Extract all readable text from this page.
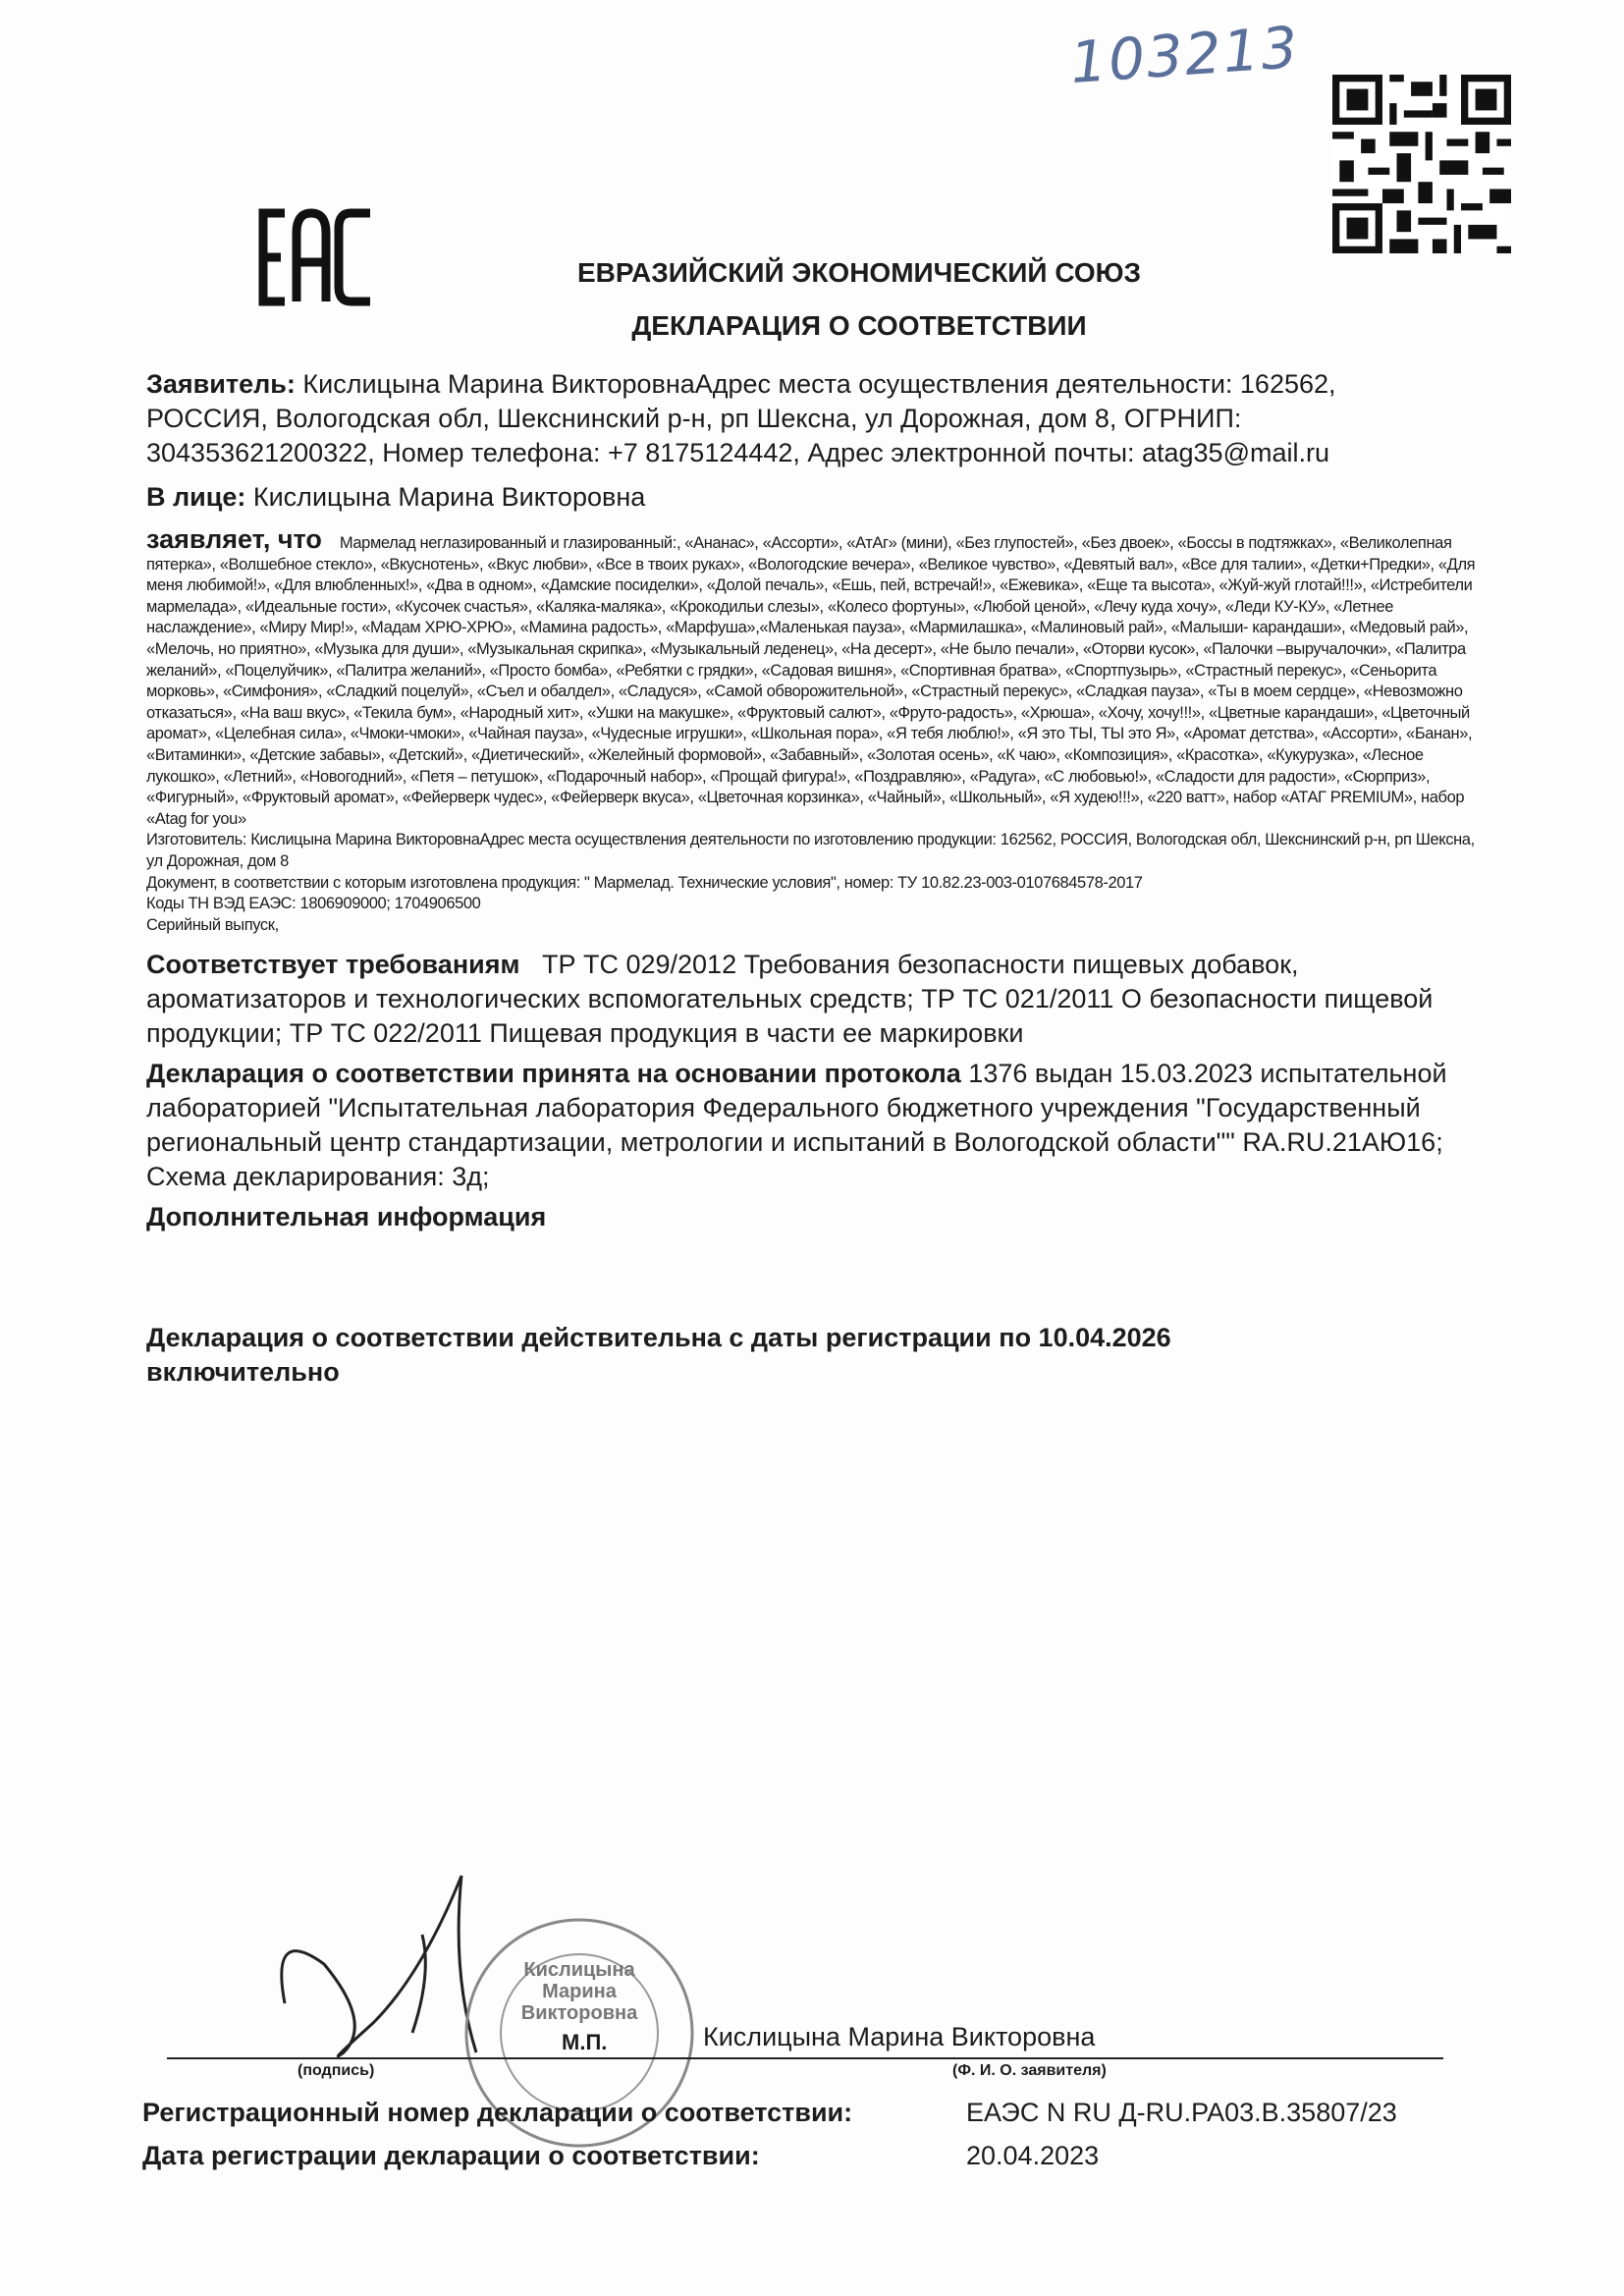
103213
ЕВРАЗИЙСКИЙ ЭКОНОМИЧЕСКИЙ СОЮЗ
ДЕКЛАРАЦИЯ О СООТВЕТСТВИИ
Заявитель: Кислицына Марина ВикторовнаАдрес места осуществления деятельности: 162562, РОССИЯ, Вологодская обл, Шекснинский р-н, рп Шексна, ул Дорожная, дом 8, ОГРНИП: 304353621200322, Номер телефона: +7 8175124442, Адрес электронной почты: atag35@mail.ru
В лице: Кислицына Марина Викторовна

заявляет, что Мармелад неглазированный и глазированный:, «Ананас», «Ассорти», «АтАг» (мини), «Без глупостей», «Без двоек», «Боссы в подтяжках», «Великолепная пятерка», «Волшебное стекло», «Вкуснотень», «Вкус любви», «Все в твоих руках», «Вологодские вечера», «Великое чувство», «Девятый вал», «Все для талии», «Детки+Предки», «Для меня любимой!», «Для влюбленных!», «Два в одном», «Дамские посиделки», «Долой печаль», «Ешь, пей, встречай!», «Ежевика», «Еще та высота», «Жуй-жуй глотай!!!», «Истребители мармелада», «Идеальные гости», «Кусочек счастья», «Каляка-маляка», «Крокодильи слезы», «Колесо фортуны», «Любой ценой», «Лечу куда хочу», «Леди КУ-КУ», «Летнее наслаждение», «Миру Мир!», «Мадам ХРЮ-ХРЮ», «Мамина радость», «Марфуша»,«Маленькая пауза», «Мармилашка», «Малиновый рай», «Малыши- карандаши», «Медовый рай», «Мелочь, но приятно», «Музыка для души», «Музыкальная скрипка», «Музыкальный леденец», «На десерт», «Не было печали», «Оторви кусок», «Палочки –выручалочки», «Палитра желаний», «Поцелуйчик», «Палитра желаний», «Просто бомба», «Ребятки с грядки», «Садовая вишня», «Спортивная братва», «Спортпузырь», «Страстный перекус», «Сеньорита морковь», «Симфония», «Сладкий поцелуй», «Съел и обалдел», «Сладуся», «Самой обворожительной», «Страстный перекус», «Сладкая пауза», «Ты в моем сердце», «Невозможно отказаться», «На ваш вкус», «Текила бум», «Народный хит», «Ушки на макушке», «Фруктовый салют», «Фруто-радость», «Хрюша», «Хочу, хочу!!!», «Цветные карандаши», «Цветочный аромат», «Целебная сила», «Чмоки-чмоки», «Чайная пауза», «Чудесные игрушки», «Школьная пора», «Я тебя люблю!», «Я это ТЫ, ТЫ это Я», «Аромат детства», «Ассорти», «Банан», «Витаминки», «Детские забавы», «Детский», «Диетический», «Желейный формовой», «Забавный», «Золотая осень», «К чаю», «Композиция», «Красотка», «Кукурузка», «Лесное лукошко», «Летний», «Новогодний», «Петя – петушок», «Подарочный набор», «Прощай фигура!», «Поздравляю», «Радуга», «С любовью!», «Сладости для радости», «Сюрприз», «Фигурный», «Фруктовый аромат», «Фейерверк чудес», «Фейерверк вкуса», «Цветочная корзинка», «Чайный», «Школьный», «Я худею!!!», «220 ватт», набор «АТАГ PREMIUM», набор «Atag for you»

Изготовитель: Кислицына Марина ВикторовнаАдрес места осуществления деятельности по изготовлению продукции: 162562, РОССИЯ, Вологодская обл, Шекснинский р-н, рп Шексна, ул Дорожная, дом 8

Документ, в соответствии с которым изготовлена продукция: " Мармелад. Технические условия", номер: ТУ 10.82.23-003-0107684578-2017

Коды ТН ВЭД ЕАЭС: 1806909000; 1704906500

Серийный выпуск,

Соответствует требованиям ТР ТС 029/2012 Требования безопасности пищевых добавок, ароматизаторов и технологических вспомогательных средств; ТР ТС 021/2011 О безопасности пищевой продукции; ТР ТС 022/2011 Пищевая продукция в части ее маркировки
Декларация о соответствии принята на основании протокола 1376 выдан 15.03.2023 испытательной лабораторией "Испытательная лаборатория Федерального бюджетного учреждения "Государственный региональный центр стандартизации, метрологии и испытаний в Вологодской области"" RA.RU.21АЮ16; Схема декларирования: 3д;
Дополнительная информация
Декларация о соответствии действительна с даты регистрации по 10.04.2026 включительно
Кислицына
Марина
Викторовна
М.П.	Кислицына Марина Викторовна
(подпись)	(Ф. И. О. заявителя)
Регистрационный номер декларации о соответствии:	ЕАЭС N RU Д-RU.PA03.B.35807/23
Дата регистрации декларации о соответствии:	20.04.2023
